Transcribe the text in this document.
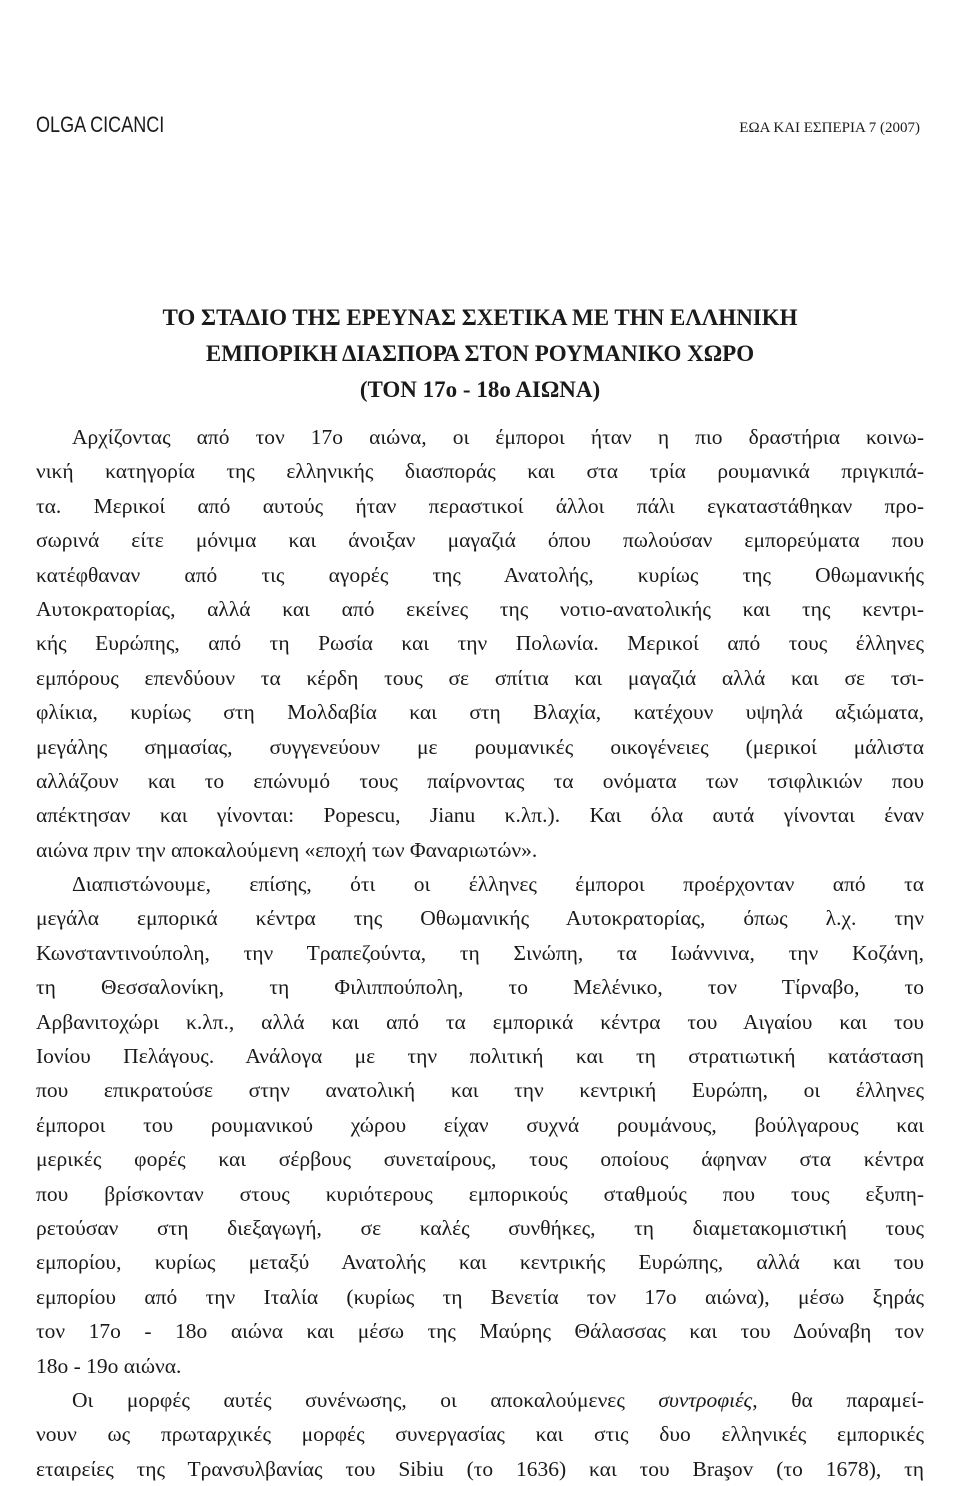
OLGA CICANCI	ΕΩΑ ΚΑΙ ΕΣΠΕΡΙΑ 7 (2007)
ΤΟ ΣΤΑΔΙΟ ΤΗΣ ΕΡΕΥΝΑΣ ΣΧΕΤΙΚΑ ΜΕ ΤΗΝ ΕΛΛΗΝΙΚΗ
ΕΜΠΟΡΙΚΗ ΔΙΑΣΠΟΡΑ ΣΤΟΝ ΡΟΥΜΑΝΙΚΟ ΧΩΡΟ
(ΤΟΝ 17ο - 18ο ΑΙΩΝΑ)
Αρχίζοντας από τον 17ο αιώνα, οι έμποροι ήταν η πιο δραστήρια κοινω-
νική κατηγορία της ελληνικής διασποράς και στα τρία ρουμανικά πριγκιπά-
τα. Μερικοί από αυτούς ήταν περαστικοί άλλοι πάλι εγκαταστάθηκαν προ-
σωρινά είτε μόνιμα και άνοιξαν μαγαζιά όπου πωλούσαν εμπορεύματα που
κατέφθαναν από τις αγορές της Ανατολής, κυρίως της Οθωμανικής
Αυτοκρατορίας, αλλά και από εκείνες της νοτιο-ανατολικής και της κεντρι-
κής Ευρώπης, από τη Ρωσία και την Πολωνία. Μερικοί από τους έλληνες
εμπόρους επενδύουν τα κέρδη τους σε σπίτια και μαγαζιά αλλά και σε τσι-
φλίκια, κυρίως στη Μολδαβία και στη Βλαχία, κατέχουν υψηλά αξιώματα,
μεγάλης σημασίας, συγγενεύουν με ρουμανικές οικογένειες (μερικοί μάλιστα
αλλάζουν και το επώνυμό τους παίρνοντας τα ονόματα των τσιφλικιών που
απέκτησαν και γίνονται: Popescu, Jianu κ.λπ.). Και όλα αυτά γίνονται έναν
αιώνα πριν την αποκαλούμενη «εποχή των Φαναριωτών».
Διαπιστώνουμε, επίσης, ότι οι έλληνες έμποροι προέρχονταν από τα
μεγάλα εμπορικά κέντρα της Οθωμανικής Αυτοκρατορίας, όπως λ.χ. την
Κωνσταντινούπολη, την Τραπεζούντα, τη Σινώπη, τα Ιωάννινα, την Κοζάνη,
τη Θεσσαλονίκη, τη Φιλιππούπολη, το Μελένικο, τον Τίρναβο, το
Αρβανιτοχώρι κ.λπ., αλλά και από τα εμπορικά κέντρα του Αιγαίου και του
Ιονίου Πελάγους. Ανάλογα με την πολιτική και τη στρατιωτική κατάσταση
που επικρατούσε στην ανατολική και την κεντρική Ευρώπη, οι έλληνες
έμποροι του ρουμανικού χώρου είχαν συχνά ρουμάνους, βούλγαρους και
μερικές φορές και σέρβους συνεταίρους, τους οποίους άφηναν στα κέντρα
που βρίσκονταν στους κυριότερους εμπορικούς σταθμούς που τους εξυπη-
ρετούσαν στη διεξαγωγή, σε καλές συνθήκες, τη διαμετακομιστική τους
εμπορίου, κυρίως μεταξύ Ανατολής και κεντρικής Ευρώπης, αλλά και του
εμπορίου από την Ιταλία (κυρίως τη Βενετία τον 17ο αιώνα), μέσω ξηράς
τον 17ο - 18ο αιώνα και μέσω της Μαύρης Θάλασσας και του Δούναβη τον
18ο - 19ο αιώνα.
Οι μορφές αυτές συνένωσης, οι αποκαλούμενες συντροφιές, θα παραμεί-
νουν ως πρωταρχικές μορφές συνεργασίας και στις δυο ελληνικές εμπορικές
εταιρείες της Τρανσυλβανίας του Sibiu (το 1636) και του Braşov (το 1678), τη
